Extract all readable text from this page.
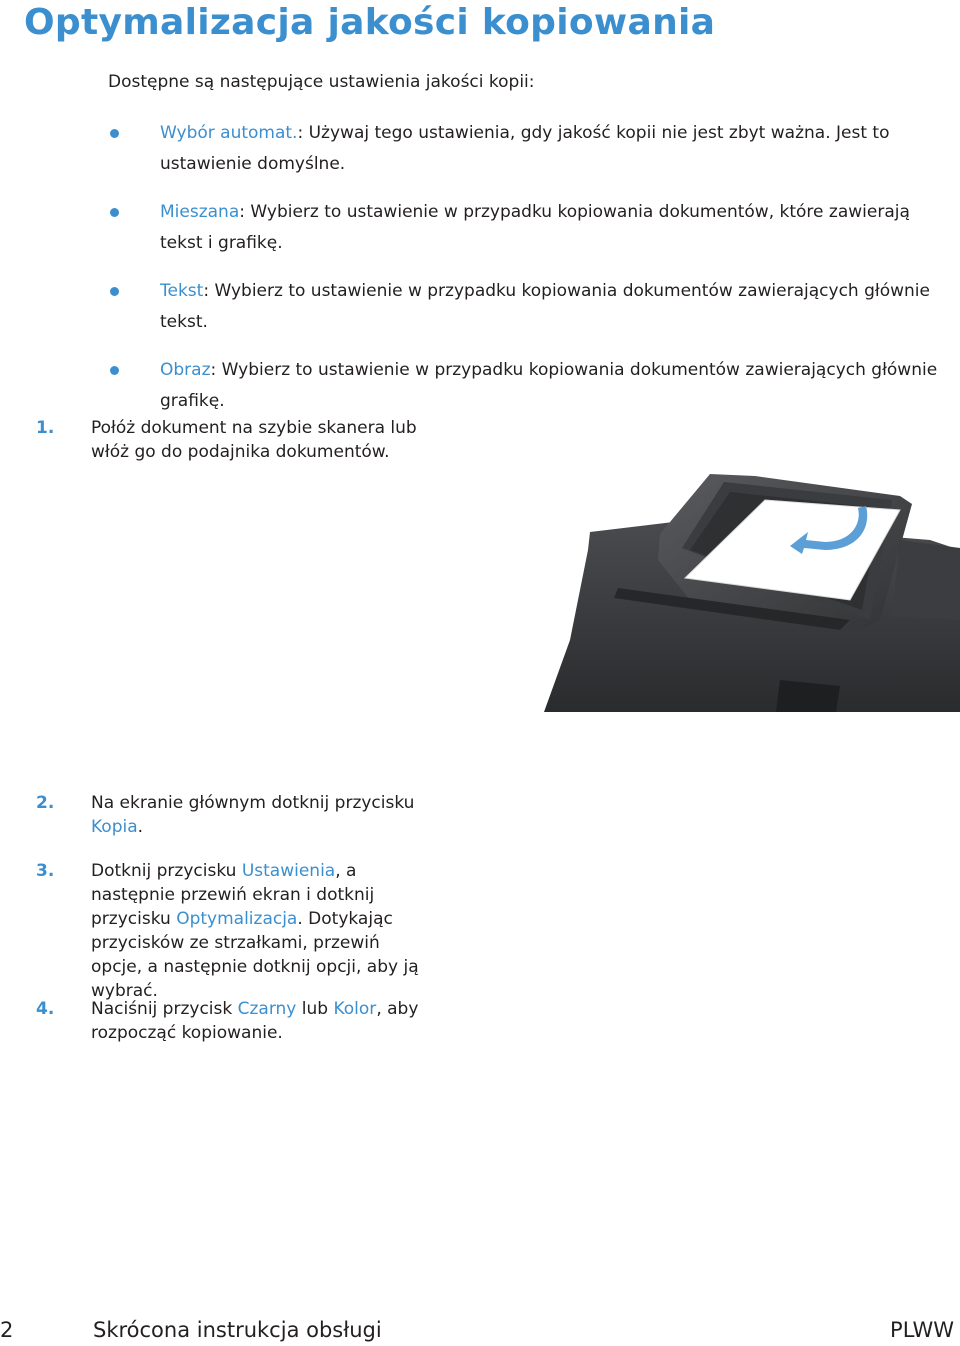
Optymalizacja jakości kopiowania
Dostępne są następujące ustawienia jakości kopii:
Wybór automat.: Używaj tego ustawienia, gdy jakość kopii nie jest zbyt ważna. Jest to ustawienie domyślne.
Mieszana: Wybierz to ustawienie w przypadku kopiowania dokumentów, które zawierają tekst i grafikę.
Tekst: Wybierz to ustawienie w przypadku kopiowania dokumentów zawierających głównie tekst.
Obraz: Wybierz to ustawienie w przypadku kopiowania dokumentów zawierających głównie grafikę.
1. Połóż dokument na szybie skanera lub włóż go do podajnika dokumentów.
2. Na ekranie głównym dotknij przycisku Kopia.
3. Dotknij przycisku Ustawienia, a następnie przewiń ekran i dotknij przycisku Optymalizacja. Dotykając przycisków ze strzałkami, przewiń opcje, a następnie dotknij opcji, aby ją wybrać.
4. Naciśnij przycisk Czarny lub Kolor, aby rozpocząć kopiowanie.
2	Skrócona instrukcja obsługi	PLWW
